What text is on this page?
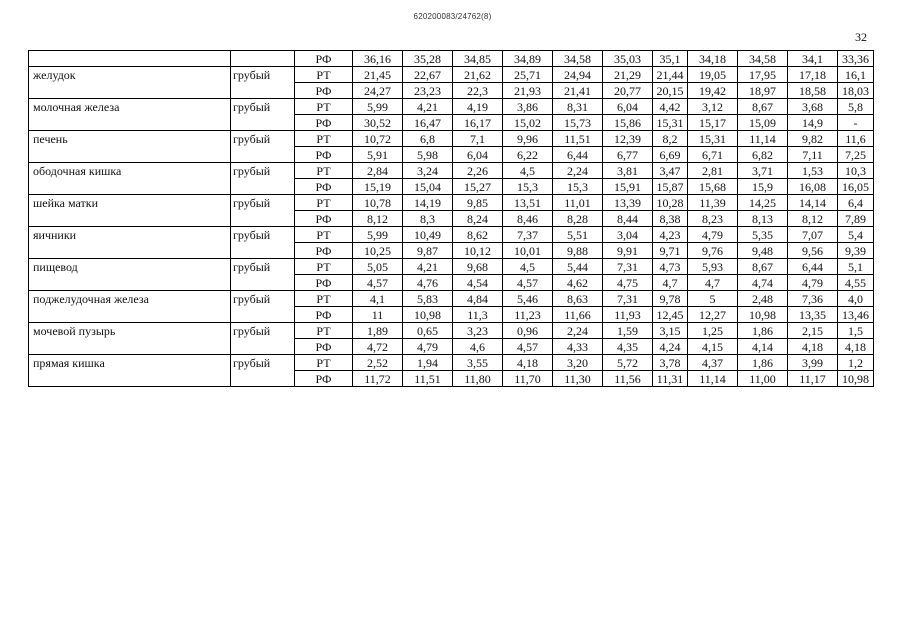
620200083/24762(8)
32
		РФ	36,16	35,28	34,85	34,89	34,58	35,03	35,1	34,18	34,58	34,1	33,36
желудок	грубый	РТ	21,45	22,67	21,62	25,71	24,94	21,29	21,44	19,05	17,95	17,18	16,1
		РФ	24,27	23,23	22,3	21,93	21,41	20,77	20,15	19,42	18,97	18,58	18,03
молочная железа	грубый	РТ	5,99	4,21	4,19	3,86	8,31	6,04	4,42	3,12	8,67	3,68	5,8
		РФ	30,52	16,47	16,17	15,02	15,73	15,86	15,31	15,17	15,09	14,9	-
печень	грубый	РТ	10,72	6,8	7,1	9,96	11,51	12,39	8,2	15,31	11,14	9,82	11,6
		РФ	5,91	5,98	6,04	6,22	6,44	6,77	6,69	6,71	6,82	7,11	7,25
ободочная кишка	грубый	РТ	2,84	3,24	2,26	4,5	2,24	3,81	3,47	2,81	3,71	1,53	10,3
		РФ	15,19	15,04	15,27	15,3	15,3	15,91	15,87	15,68	15,9	16,08	16,05
шейка матки	грубый	РТ	10,78	14,19	9,85	13,51	11,01	13,39	10,28	11,39	14,25	14,14	6,4
		РФ	8,12	8,3	8,24	8,46	8,28	8,44	8,38	8,23	8,13	8,12	7,89
яичники	грубый	РТ	5,99	10,49	8,62	7,37	5,51	3,04	4,23	4,79	5,35	7,07	5,4
		РФ	10,25	9,87	10,12	10,01	9,88	9,91	9,71	9,76	9,48	9,56	9,39
пищевод	грубый	РТ	5,05	4,21	9,68	4,5	5,44	7,31	4,73	5,93	8,67	6,44	5,1
		РФ	4,57	4,76	4,54	4,57	4,62	4,75	4,7	4,7	4,74	4,79	4,55
поджелудочная железа	грубый	РТ	4,1	5,83	4,84	5,46	8,63	7,31	9,78	5	2,48	7,36	4,0
		РФ	11	10,98	11,3	11,23	11,66	11,93	12,45	12,27	10,98	13,35	13,46
мочевой пузырь	грубый	РТ	1,89	0,65	3,23	0,96	2,24	1,59	3,15	1,25	1,86	2,15	1,5
		РФ	4,72	4,79	4,6	4,57	4,33	4,35	4,24	4,15	4,14	4,18	4,18
прямая кишка	грубый	РТ	2,52	1,94	3,55	4,18	3,20	5,72	3,78	4,37	1,86	3,99	1,2
		РФ	11,72	11,51	11,80	11,70	11,30	11,56	11,31	11,14	11,00	11,17	10,98
